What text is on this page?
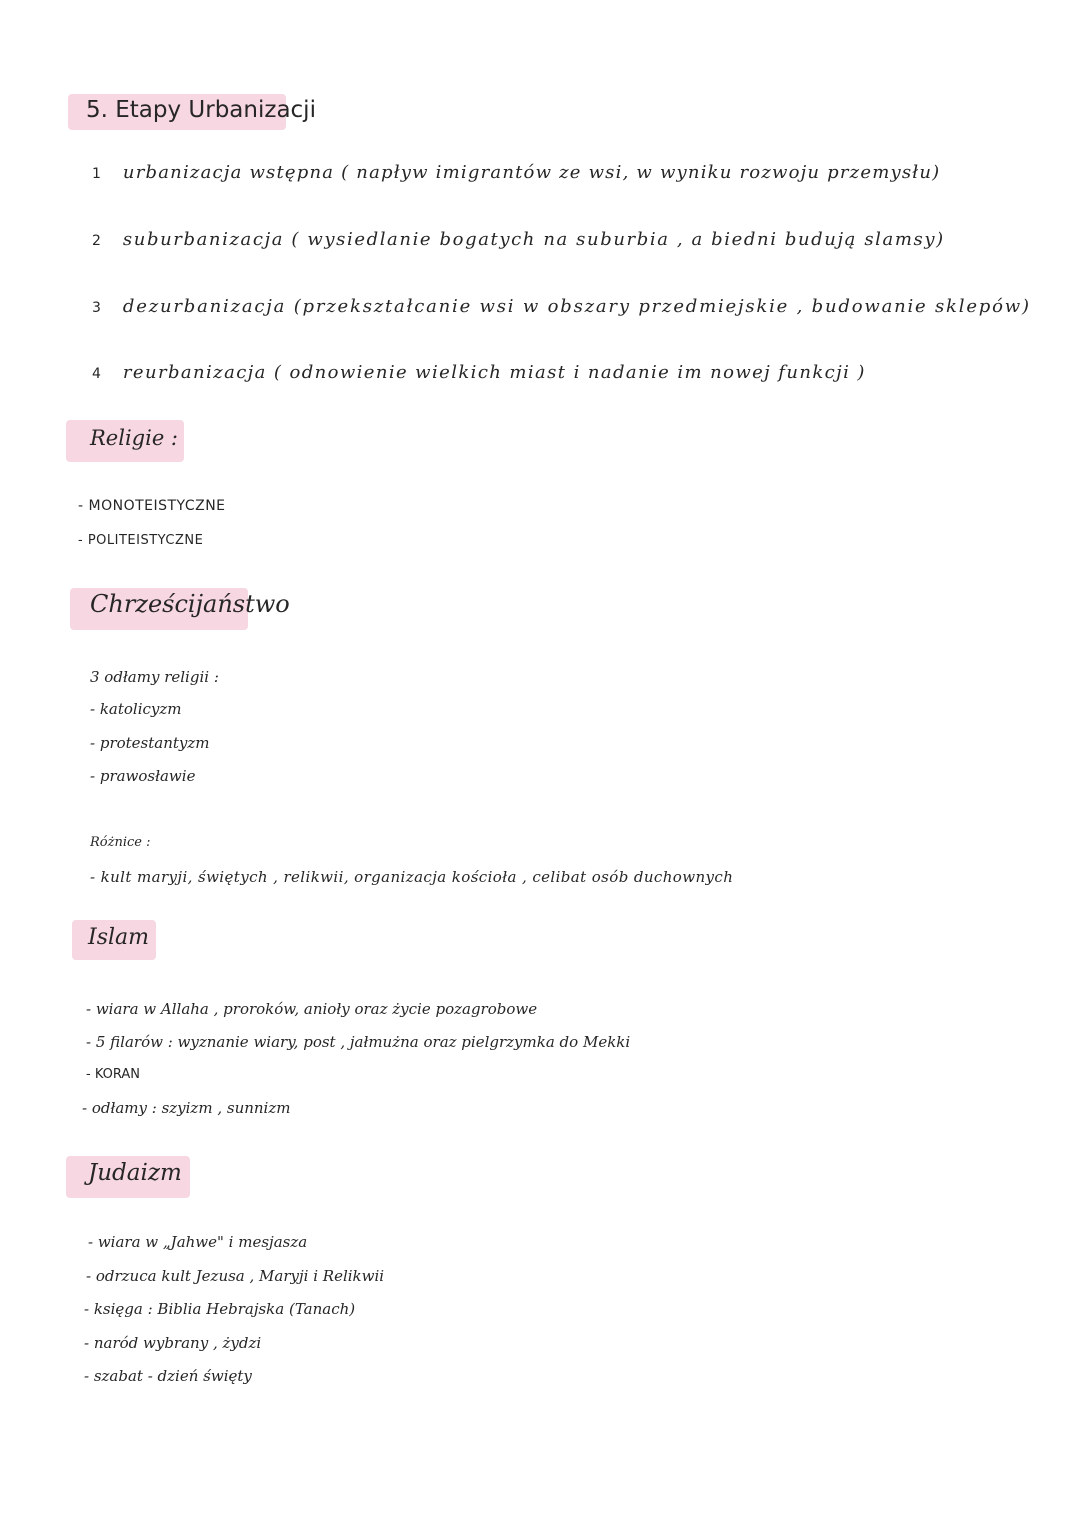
5. Etapy Urbanizacji
1 urbanizacja wstępna ( napływ imigrantów ze wsi, w wyniku rozwoju przemysłu)
2 suburbanizacja ( wysiedlanie bogatych na suburbia , a biedni budują slamsy)
3 dezurbanizacja (przekształcanie wsi w obszary przedmiejskie , budowanie sklepów)
4 reurbanizacja ( odnowienie wielkich miast i nadanie im nowej funkcji )
Religie :
- MONOTEISTYCZNE
- POLITEISTYCZNE
Chrześcijaństwo
3 odłamy religii :
- katolicyzm
- protestantyzm
- prawosławie
Różnice :
- kult maryji, świętych , relikwii, organizacja kościoła , celibat osób duchownych
Islam
- wiara w Allaha , proroków, anioły oraz życie pozagrobowe
- 5 filarów : wyznanie wiary, post , jałmużna oraz pielgrzymka do Mekki
- KORAN
- odłamy : szyizm , sunnizm
Judaizm
- wiara w „Jahwe" i mesjasza
- odrzuca kult Jezusa , Maryji i Relikwii
- księga : Biblia Hebrajska (Tanach)
- naród wybrany , żydzi
- szabat - dzień święty
